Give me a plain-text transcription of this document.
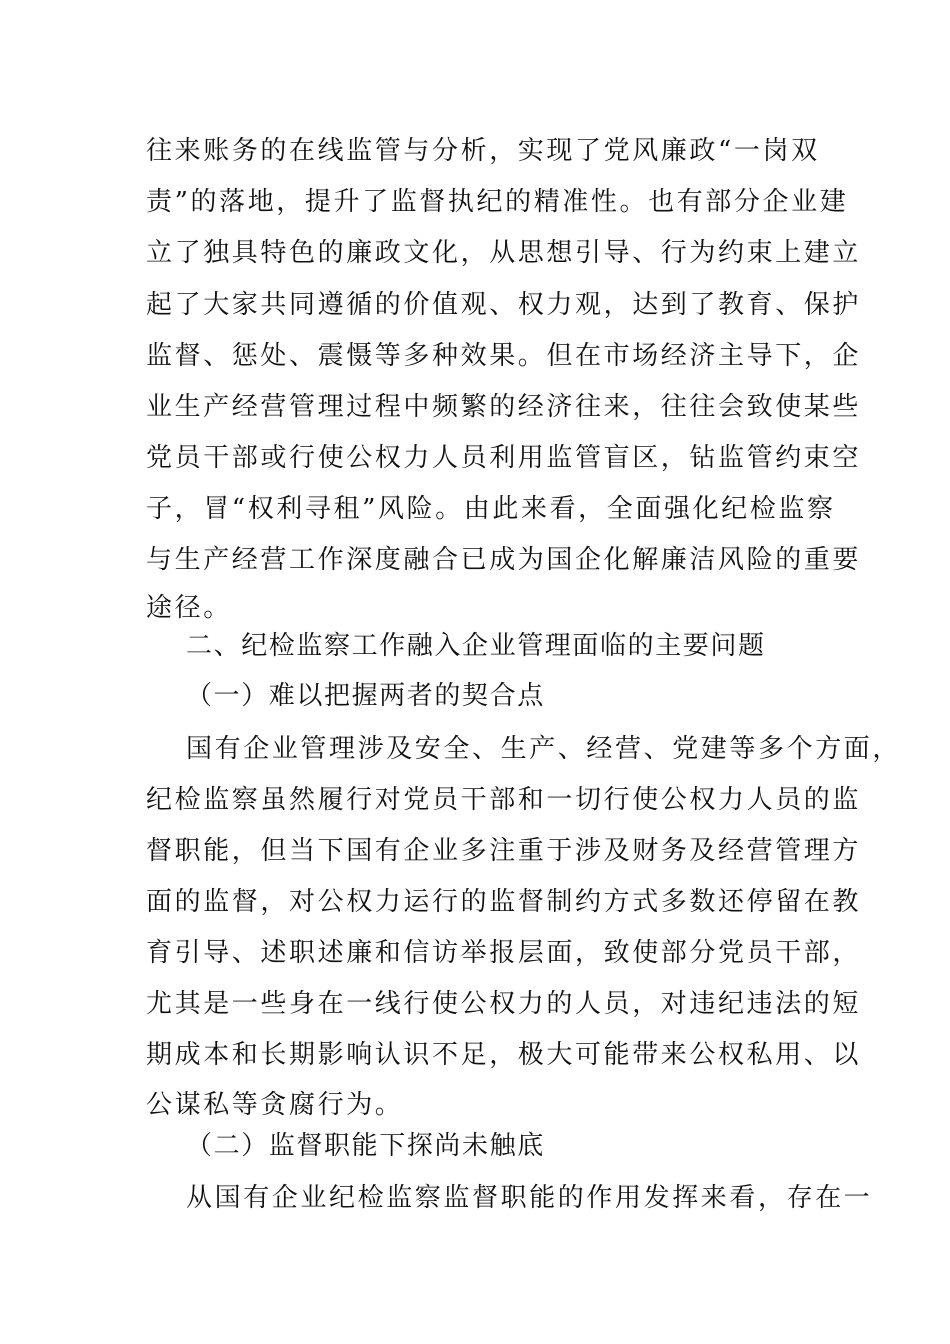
往来账务的在线监管与分析，实现了党风廉政“一岗双
责”的落地，提升了监督执纪的精准性。也有部分企业建
立了独具特色的廉政文化，从思想引导、行为约束上建立
起了大家共同遵循的价值观、权力观，达到了教育、保护
监督、惩处、震慑等多种效果。但在市场经济主导下，企
业生产经营管理过程中频繁的经济往来，往往会致使某些
党员干部或行使公权力人员利用监管盲区，钻监管约束空
子，冒“权利寻租”风险。由此来看，全面强化纪检监察
与生产经营工作深度融合已成为国企化解廉洁风险的重要
途径。
二、纪检监察工作融入企业管理面临的主要问题
（一）难以把握两者的契合点
国有企业管理涉及安全、生产、经营、党建等多个方面，
纪检监察虽然履行对党员干部和一切行使公权力人员的监
督职能，但当下国有企业多注重于涉及财务及经营管理方
面的监督，对公权力运行的监督制约方式多数还停留在教
育引导、述职述廉和信访举报层面，致使部分党员干部，
尤其是一些身在一线行使公权力的人员，对违纪违法的短
期成本和长期影响认识不足，极大可能带来公权私用、以
公谋私等贪腐行为。
（二）监督职能下探尚未触底
从国有企业纪检监察监督职能的作用发挥来看，存在一
